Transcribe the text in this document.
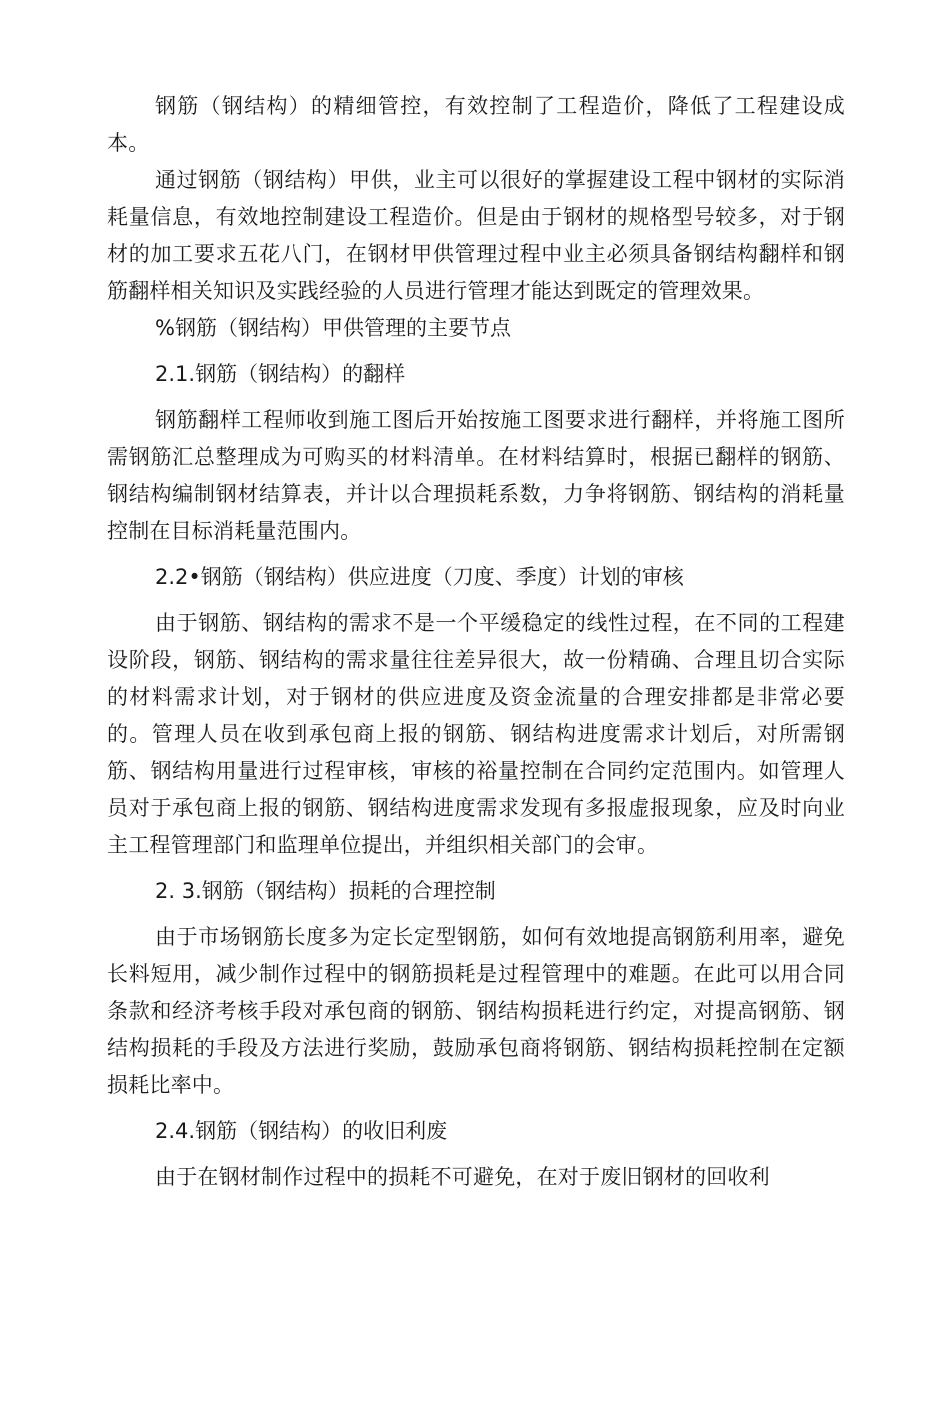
钢筋（钢结构）的精细管控，有效控制了工程造价，降低了工程建设成本。

通过钢筋（钢结构）甲供，业主可以很好的掌握建设工程中钢材的实际消耗量信息，有效地控制建设工程造价。但是由于钢材的规格型号较多，对于钢材的加工要求五花八门，在钢材甲供管理过程中业主必须具备钢结构翻样和钢筋翻样相关知识及实践经验的人员进行管理才能达到既定的管理效果。

%钢筋（钢结构）甲供管理的主要节点

2.1.钢筋（钢结构）的翻样

钢筋翻样工程师收到施工图后开始按施工图要求进行翻样，并将施工图所需钢筋汇总整理成为可购买的材料清单。在材料结算时，根据已翻样的钢筋、钢结构编制钢材结算表，并计以合理损耗系数，力争将钢筋、钢结构的消耗量控制在目标消耗量范围内。

2.2•钢筋（钢结构）供应进度（刀度、季度）计划的审核

由于钢筋、钢结构的需求不是一个平缓稳定的线性过程，在不同的工程建设阶段，钢筋、钢结构的需求量往往差异很大，故一份精确、合理且切合实际的材料需求计划，对于钢材的供应进度及资金流量的合理安排都是非常必要的。管理人员在收到承包商上报的钢筋、钢结构进度需求计划后，对所需钢筋、钢结构用量进行过程审核，审核的裕量控制在合同约定范围内。如管理人员对于承包商上报的钢筋、钢结构进度需求发现有多报虚报现象，应及时向业主工程管理部门和监理单位提出，并组织相关部门的会审。

2. 3.钢筋（钢结构）损耗的合理控制

由于市场钢筋长度多为定长定型钢筋，如何有效地提高钢筋利用率，避免长料短用，减少制作过程中的钢筋损耗是过程管理中的难题。在此可以用合同条款和经济考核手段对承包商的钢筋、钢结构损耗进行约定，对提高钢筋、钢结构损耗的手段及方法进行奖励，鼓励承包商将钢筋、钢结构损耗控制在定额损耗比率中。

2.4.钢筋（钢结构）的收旧利废

由于在钢材制作过程中的损耗不可避免，在对于废旧钢材的回收利
